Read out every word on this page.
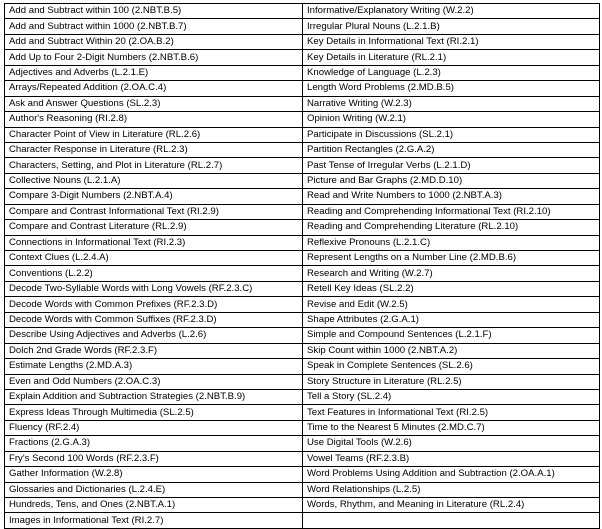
Add and Subtract within 100 (2.NBT.B.5)	Informative/Explanatory Writing (W.2.2)
Add and Subtract within 1000 (2.NBT.B.7)	Irregular Plural Nouns (L.2.1.B)
Add and Subtract Within 20 (2.OA.B.2)	Key Details in Informational Text (RI.2.1)
Add Up to Four 2-Digit Numbers (2.NBT.B.6)	Key Details in Literature (RL.2.1)
Adjectives and Adverbs (L.2.1.E)	Knowledge of Language (L.2.3)
Arrays/Repeated Addition (2.OA.C.4)	Length Word Problems (2.MD.B.5)
Ask and Answer Questions (SL.2.3)	Narrative Writing (W.2.3)
Author's Reasoning (RI.2.8)	Opinion Writing (W.2.1)
Character Point of View in Literature (RL.2.6)	Participate in Discussions (SL.2.1)
Character Response in Literature (RL.2.3)	Partition Rectangles (2.G.A.2)
Characters, Setting, and Plot in Literature (RL.2.7)	Past Tense of Irregular Verbs (L.2.1.D)
Collective Nouns (L.2.1.A)	Picture and Bar Graphs (2.MD.D.10)
Compare 3-Digit Numbers (2.NBT.A.4)	Read and Write Numbers to 1000 (2.NBT.A.3)
Compare and Contrast Informational Text (RI.2.9)	Reading and Comprehending Informational Text (RI.2.10)
Compare and Contrast Literature (RL.2.9)	Reading and Comprehending Literature (RL.2.10)
Connections in Informational Text (RI.2.3)	Reflexive Pronouns (L.2.1.C)
Context Clues (L.2.4.A)	Represent Lengths on a Number Line (2.MD.B.6)
Conventions (L.2.2)	Research and Writing (W.2.7)
Decode Two-Syllable Words with Long Vowels (RF.2.3.C)	Retell Key Ideas (SL.2.2)
Decode Words with Common Prefixes (RF.2.3.D)	Revise and Edit (W.2.5)
Decode Words with Common Suffixes (RF.2.3.D)	Shape Attributes (2.G.A.1)
Describe Using Adjectives and Adverbs (L.2.6)	Simple and Compound Sentences (L.2.1.F)
Dolch 2nd Grade Words (RF.2.3.F)	Skip Count within 1000 (2.NBT.A.2)
Estimate Lengths (2.MD.A.3)	Speak in Complete Sentences (SL.2.6)
Even and Odd Numbers (2.OA.C.3)	Story Structure in Literature (RL.2.5)
Explain Addition and Subtraction Strategies (2.NBT.B.9)	Tell a Story (SL.2.4)
Express Ideas Through Multimedia (SL.2.5)	Text Features in Informational Text (RI.2.5)
Fluency (RF.2.4)	Time to the Nearest 5 Minutes (2.MD.C.7)
Fractions (2.G.A.3)	Use Digital Tools (W.2.6)
Fry's Second 100 Words (RF.2.3.F)	Vowel Teams (RF.2.3.B)
Gather Information (W.2.8)	Word Problems Using Addition and Subtraction (2.OA.A.1)
Glossaries and Dictionaries (L.2.4.E)	Word Relationships (L.2.5)
Hundreds, Tens, and Ones (2.NBT.A.1)	Words, Rhythm, and Meaning in Literature (RL.2.4)
Images in Informational Text (RI.2.7)	
